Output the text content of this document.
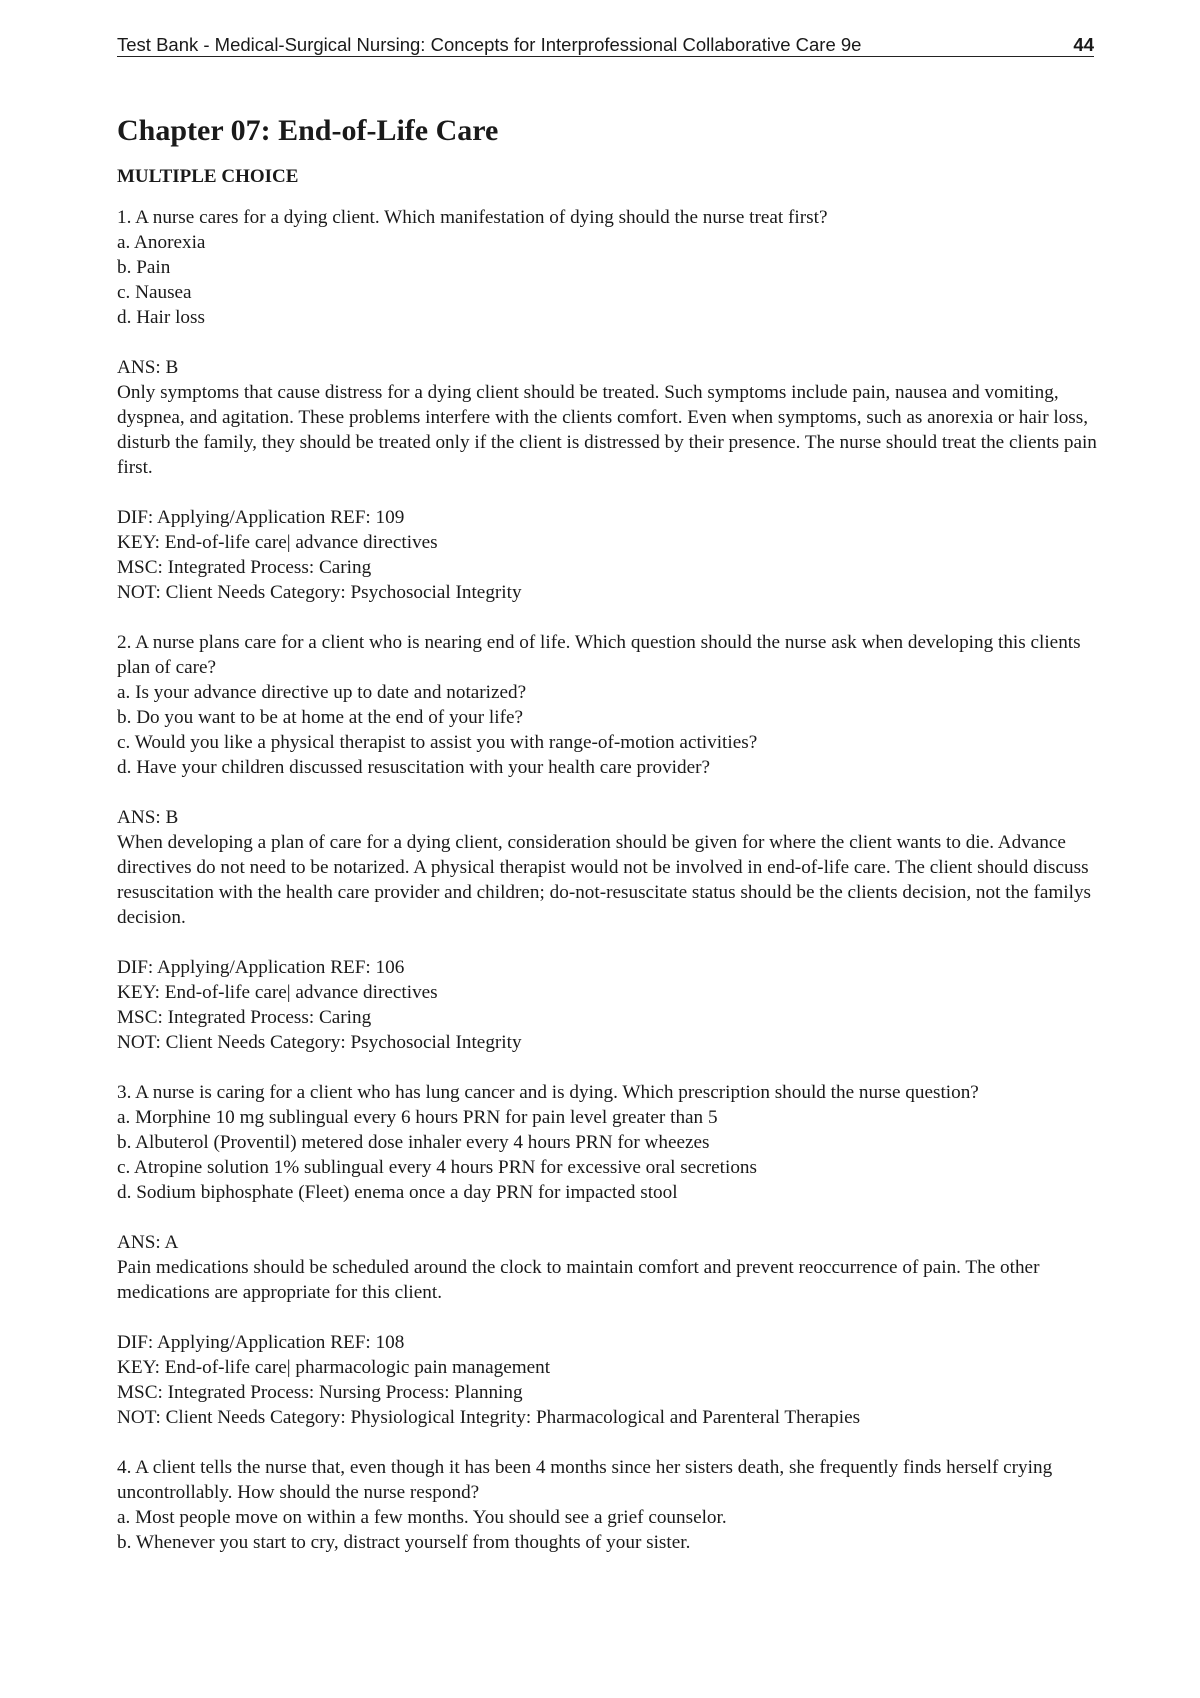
Test Bank - Medical-Surgical Nursing: Concepts for Interprofessional Collaborative Care 9e	44
Chapter 07: End-of-Life Care
MULTIPLE CHOICE
1. A nurse cares for a dying client. Which manifestation of dying should the nurse treat first?
a. Anorexia
b. Pain
c. Nausea
d. Hair loss
ANS: B
Only symptoms that cause distress for a dying client should be treated. Such symptoms include pain, nausea and vomiting, dyspnea, and agitation. These problems interfere with the clients comfort. Even when symptoms, such as anorexia or hair loss, disturb the family, they should be treated only if the client is distressed by their presence. The nurse should treat the clients pain first.
DIF: Applying/Application REF: 109
KEY: End-of-life care| advance directives
MSC: Integrated Process: Caring
NOT: Client Needs Category: Psychosocial Integrity
2. A nurse plans care for a client who is nearing end of life. Which question should the nurse ask when developing this clients plan of care?
a. Is your advance directive up to date and notarized?
b. Do you want to be at home at the end of your life?
c. Would you like a physical therapist to assist you with range-of-motion activities?
d. Have your children discussed resuscitation with your health care provider?
ANS: B
When developing a plan of care for a dying client, consideration should be given for where the client wants to die. Advance directives do not need to be notarized. A physical therapist would not be involved in end-of-life care. The client should discuss resuscitation with the health care provider and children; do-not-resuscitate status should be the clients decision, not the familys decision.
DIF: Applying/Application REF: 106
KEY: End-of-life care| advance directives
MSC: Integrated Process: Caring
NOT: Client Needs Category: Psychosocial Integrity
3. A nurse is caring for a client who has lung cancer and is dying. Which prescription should the nurse question?
a. Morphine 10 mg sublingual every 6 hours PRN for pain level greater than 5
b. Albuterol (Proventil) metered dose inhaler every 4 hours PRN for wheezes
c. Atropine solution 1% sublingual every 4 hours PRN for excessive oral secretions
d. Sodium biphosphate (Fleet) enema once a day PRN for impacted stool
ANS: A
Pain medications should be scheduled around the clock to maintain comfort and prevent reoccurrence of pain. The other medications are appropriate for this client.
DIF: Applying/Application REF: 108
KEY: End-of-life care| pharmacologic pain management
MSC: Integrated Process: Nursing Process: Planning
NOT: Client Needs Category: Physiological Integrity: Pharmacological and Parenteral Therapies
4. A client tells the nurse that, even though it has been 4 months since her sisters death, she frequently finds herself crying uncontrollably. How should the nurse respond?
a. Most people move on within a few months. You should see a grief counselor.
b. Whenever you start to cry, distract yourself from thoughts of your sister.
